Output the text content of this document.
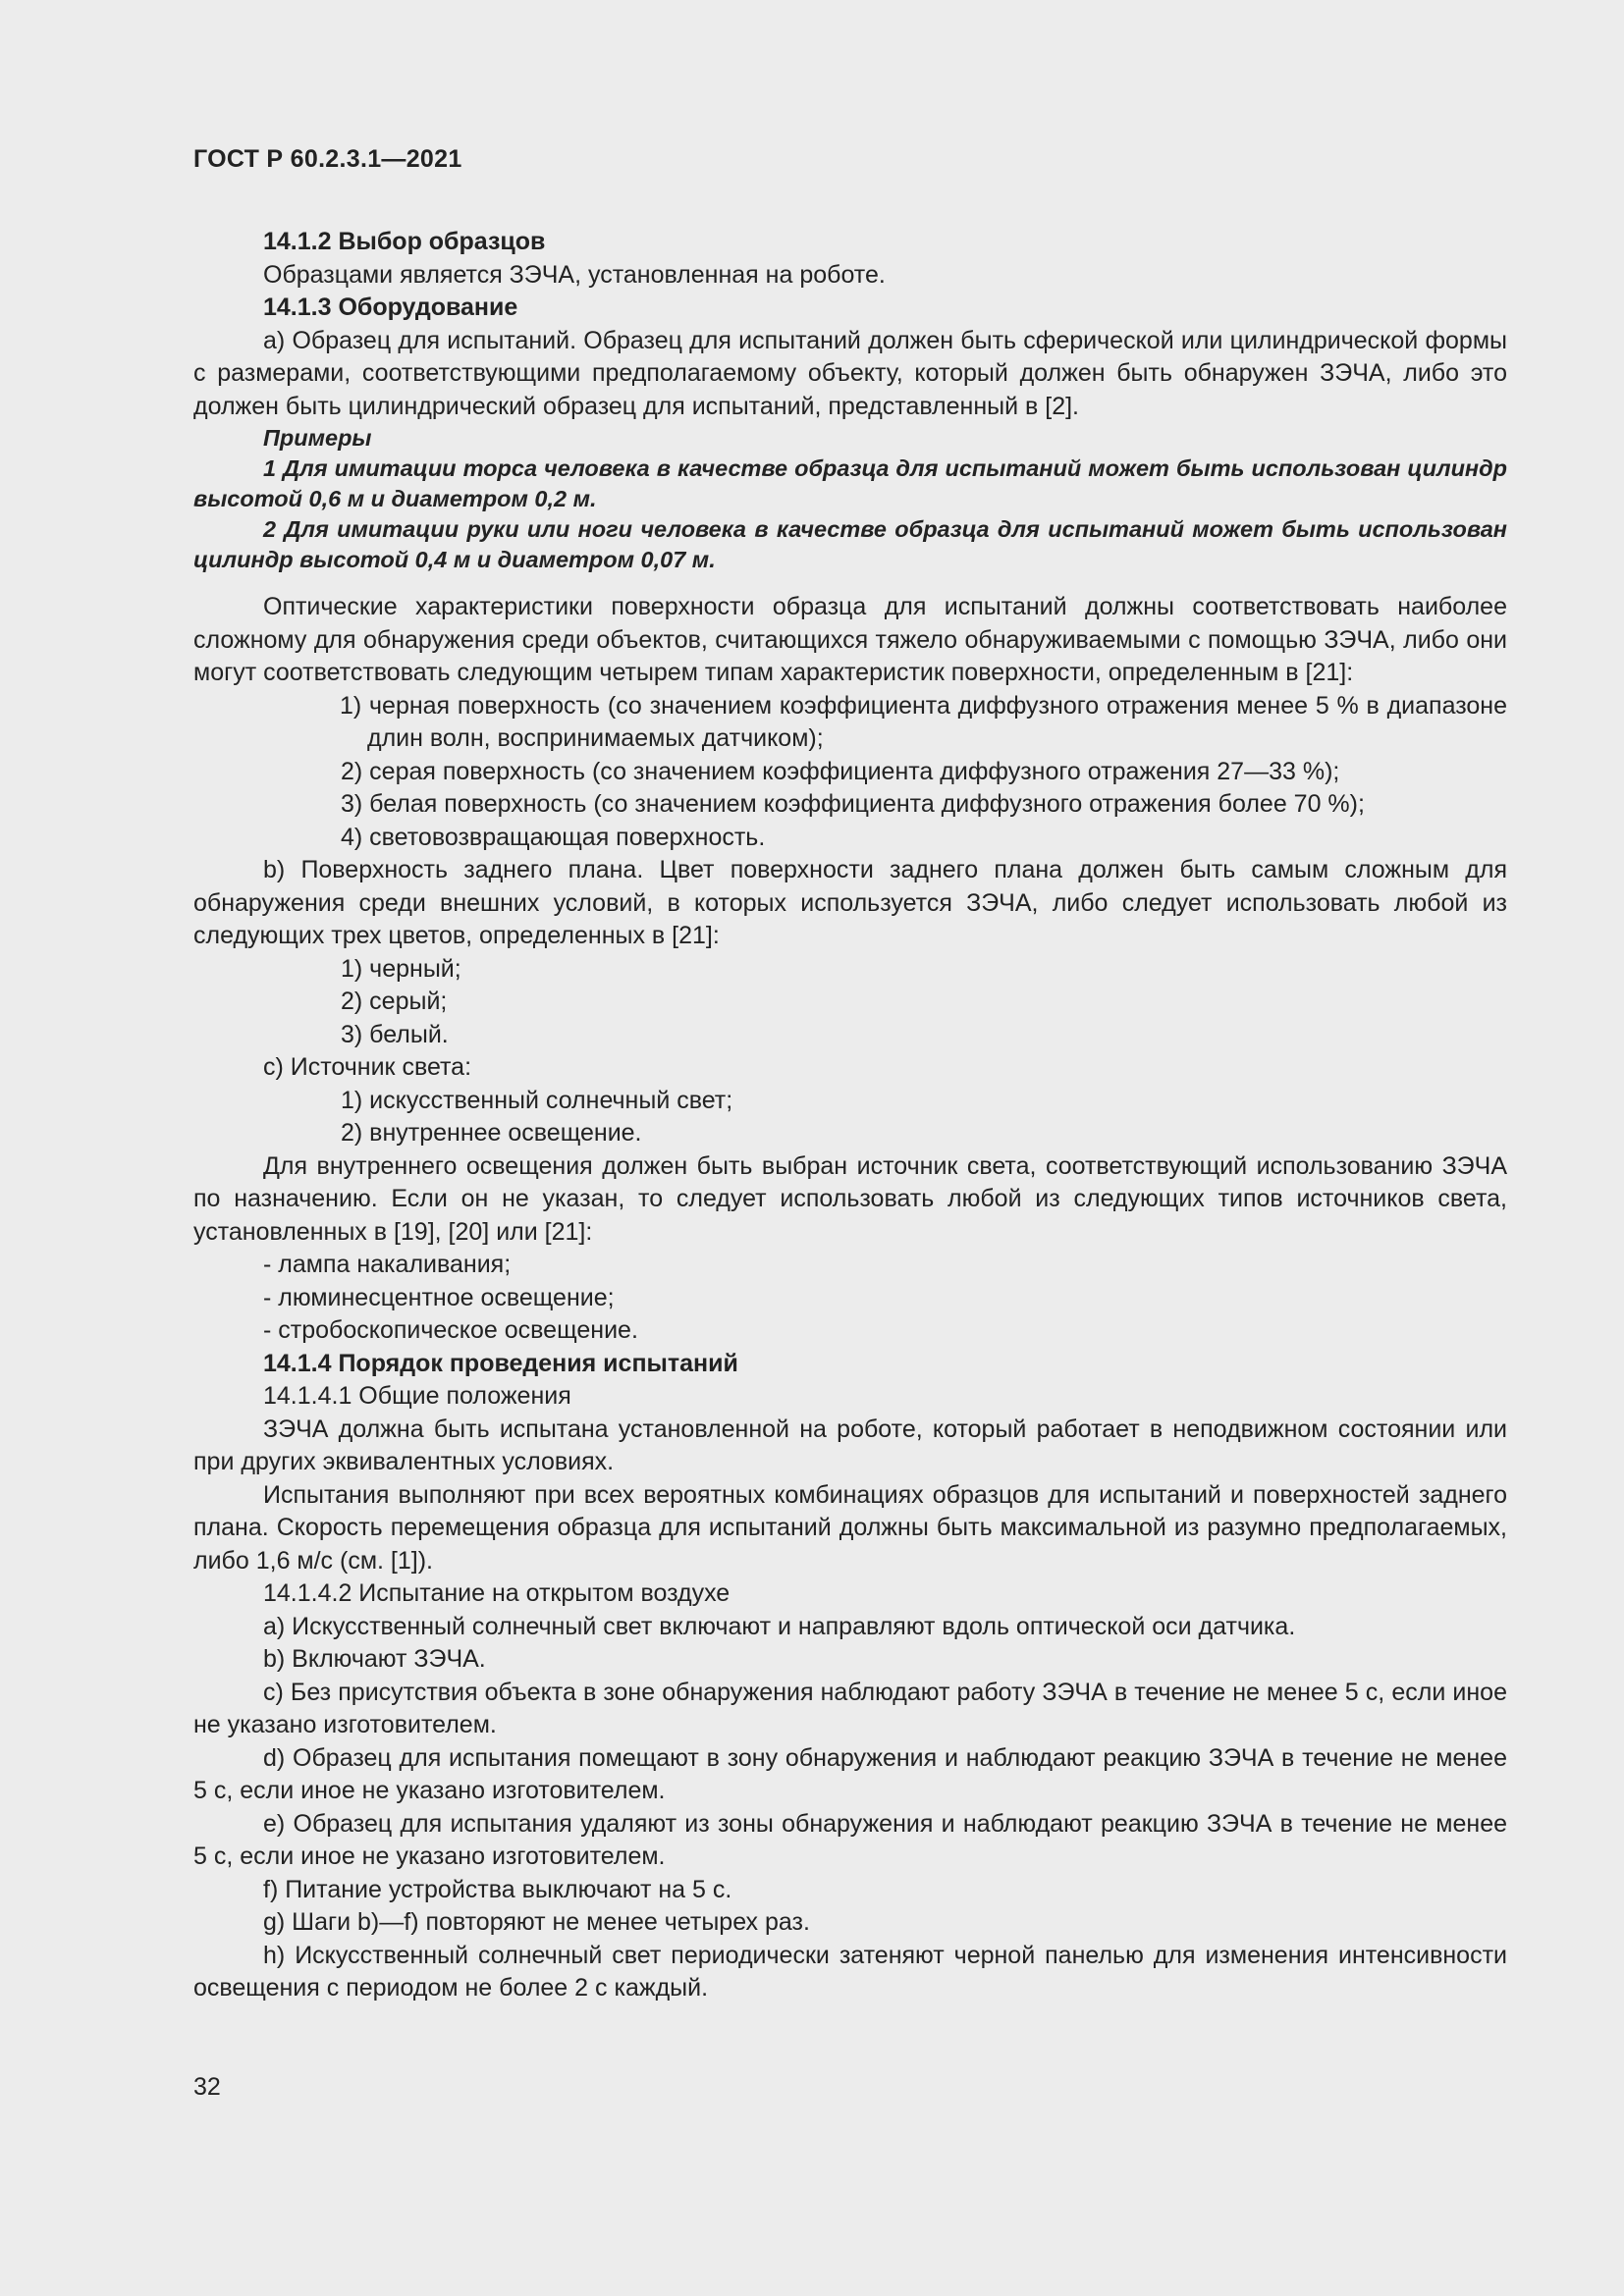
ГОСТ Р 60.2.3.1—2021

14.1.2 Выбор образцов

Образцами является ЗЭЧА, установленная на роботе.

14.1.3 Оборудование

а) Образец для испытаний. Образец для испытаний должен быть сферической или цилиндрической формы с размерами, соответствующими предполагаемому объекту, который должен быть обнаружен ЗЭЧА, либо это должен быть цилиндрический образец для испытаний, представленный в [2].

Примеры

1 Для имитации торса человека в качестве образца для испытаний может быть использован цилиндр высотой 0,6 м и диаметром 0,2 м.

2 Для имитации руки или ноги человека в качестве образца для испытаний может быть использован цилиндр высотой 0,4 м и диаметром 0,07 м.

Оптические характеристики поверхности образца для испытаний должны соответствовать наиболее сложному для обнаружения среди объектов, считающихся тяжело обнаруживаемыми с помощью ЗЭЧА, либо они могут соответствовать следующим четырем типам характеристик поверхности, определенным в [21]:

1) черная поверхность (со значением коэффициента диффузного отражения менее 5 % в диапазоне длин волн, воспринимаемых датчиком);

2) серая поверхность (со значением коэффициента диффузного отражения 27—33 %);

3) белая поверхность (со значением коэффициента диффузного отражения более 70 %);

4) световозвращающая поверхность.

b) Поверхность заднего плана. Цвет поверхности заднего плана должен быть самым сложным для обнаружения среди внешних условий, в которых используется ЗЭЧА, либо следует использовать любой из следующих трех цветов, определенных в [21]:

1) черный;

2) серый;

3) белый.

c) Источник света:

1) искусственный солнечный свет;

2) внутреннее освещение.

Для внутреннего освещения должен быть выбран источник света, соответствующий использованию ЗЭЧА по назначению. Если он не указан, то следует использовать любой из следующих типов источников света, установленных в [19], [20] или [21]:

- лампа накаливания;

- люминесцентное освещение;

- стробоскопическое освещение.

14.1.4 Порядок проведения испытаний

14.1.4.1 Общие положения

ЗЭЧА должна быть испытана установленной на роботе, который работает в неподвижном состоянии или при других эквивалентных условиях.

Испытания выполняют при всех вероятных комбинациях образцов для испытаний и поверхностей заднего плана. Скорость перемещения образца для испытаний должны быть максимальной из разумно предполагаемых, либо 1,6 м/с (см. [1]).

14.1.4.2 Испытание на открытом воздухе

a) Искусственный солнечный свет включают и направляют вдоль оптической оси датчика.

b) Включают ЗЭЧА.

c) Без присутствия объекта в зоне обнаружения наблюдают работу ЗЭЧА в течение не менее 5 с, если иное не указано изготовителем.

d) Образец для испытания помещают в зону обнаружения и наблюдают реакцию ЗЭЧА в течение не менее 5 с, если иное не указано изготовителем.

e) Образец для испытания удаляют из зоны обнаружения и наблюдают реакцию ЗЭЧА в течение не менее 5 с, если иное не указано изготовителем.

f) Питание устройства выключают на 5 с.

g) Шаги b)—f) повторяют не менее четырех раз.

h) Искусственный солнечный свет периодически затеняют черной панелью для изменения интенсивности освещения с периодом не более 2 с каждый.

32
